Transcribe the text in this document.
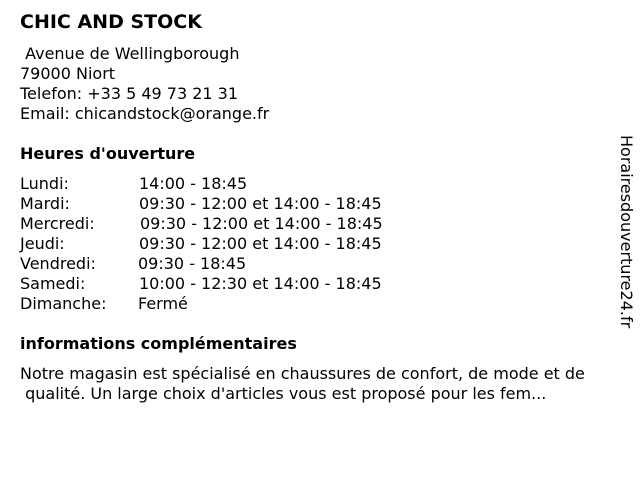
CHIC AND STOCK
Avenue de Wellingborough
79000 Niort
Telefon: +33 5 49 73 21 31
Email: chicandstock@orange.fr
Heures d'ouverture
Lundi:	14:00 - 18:45
Mardi:	09:30 - 12:00 et 14:00 - 18:45
Mercredi:	09:30 - 12:00 et 14:00 - 18:45
Jeudi:	09:30 - 12:00 et 14:00 - 18:45
Vendredi:	09:30 - 18:45
Samedi:	10:00 - 12:30 et 14:00 - 18:45
Dimanche: Fermé
informations complémentaires
Notre magasin est spécialisé en chaussures de confort, de mode et de
qualité. Un large choix d'articles vous est proposé pour les fem...
Horairesdouverture24.fr
